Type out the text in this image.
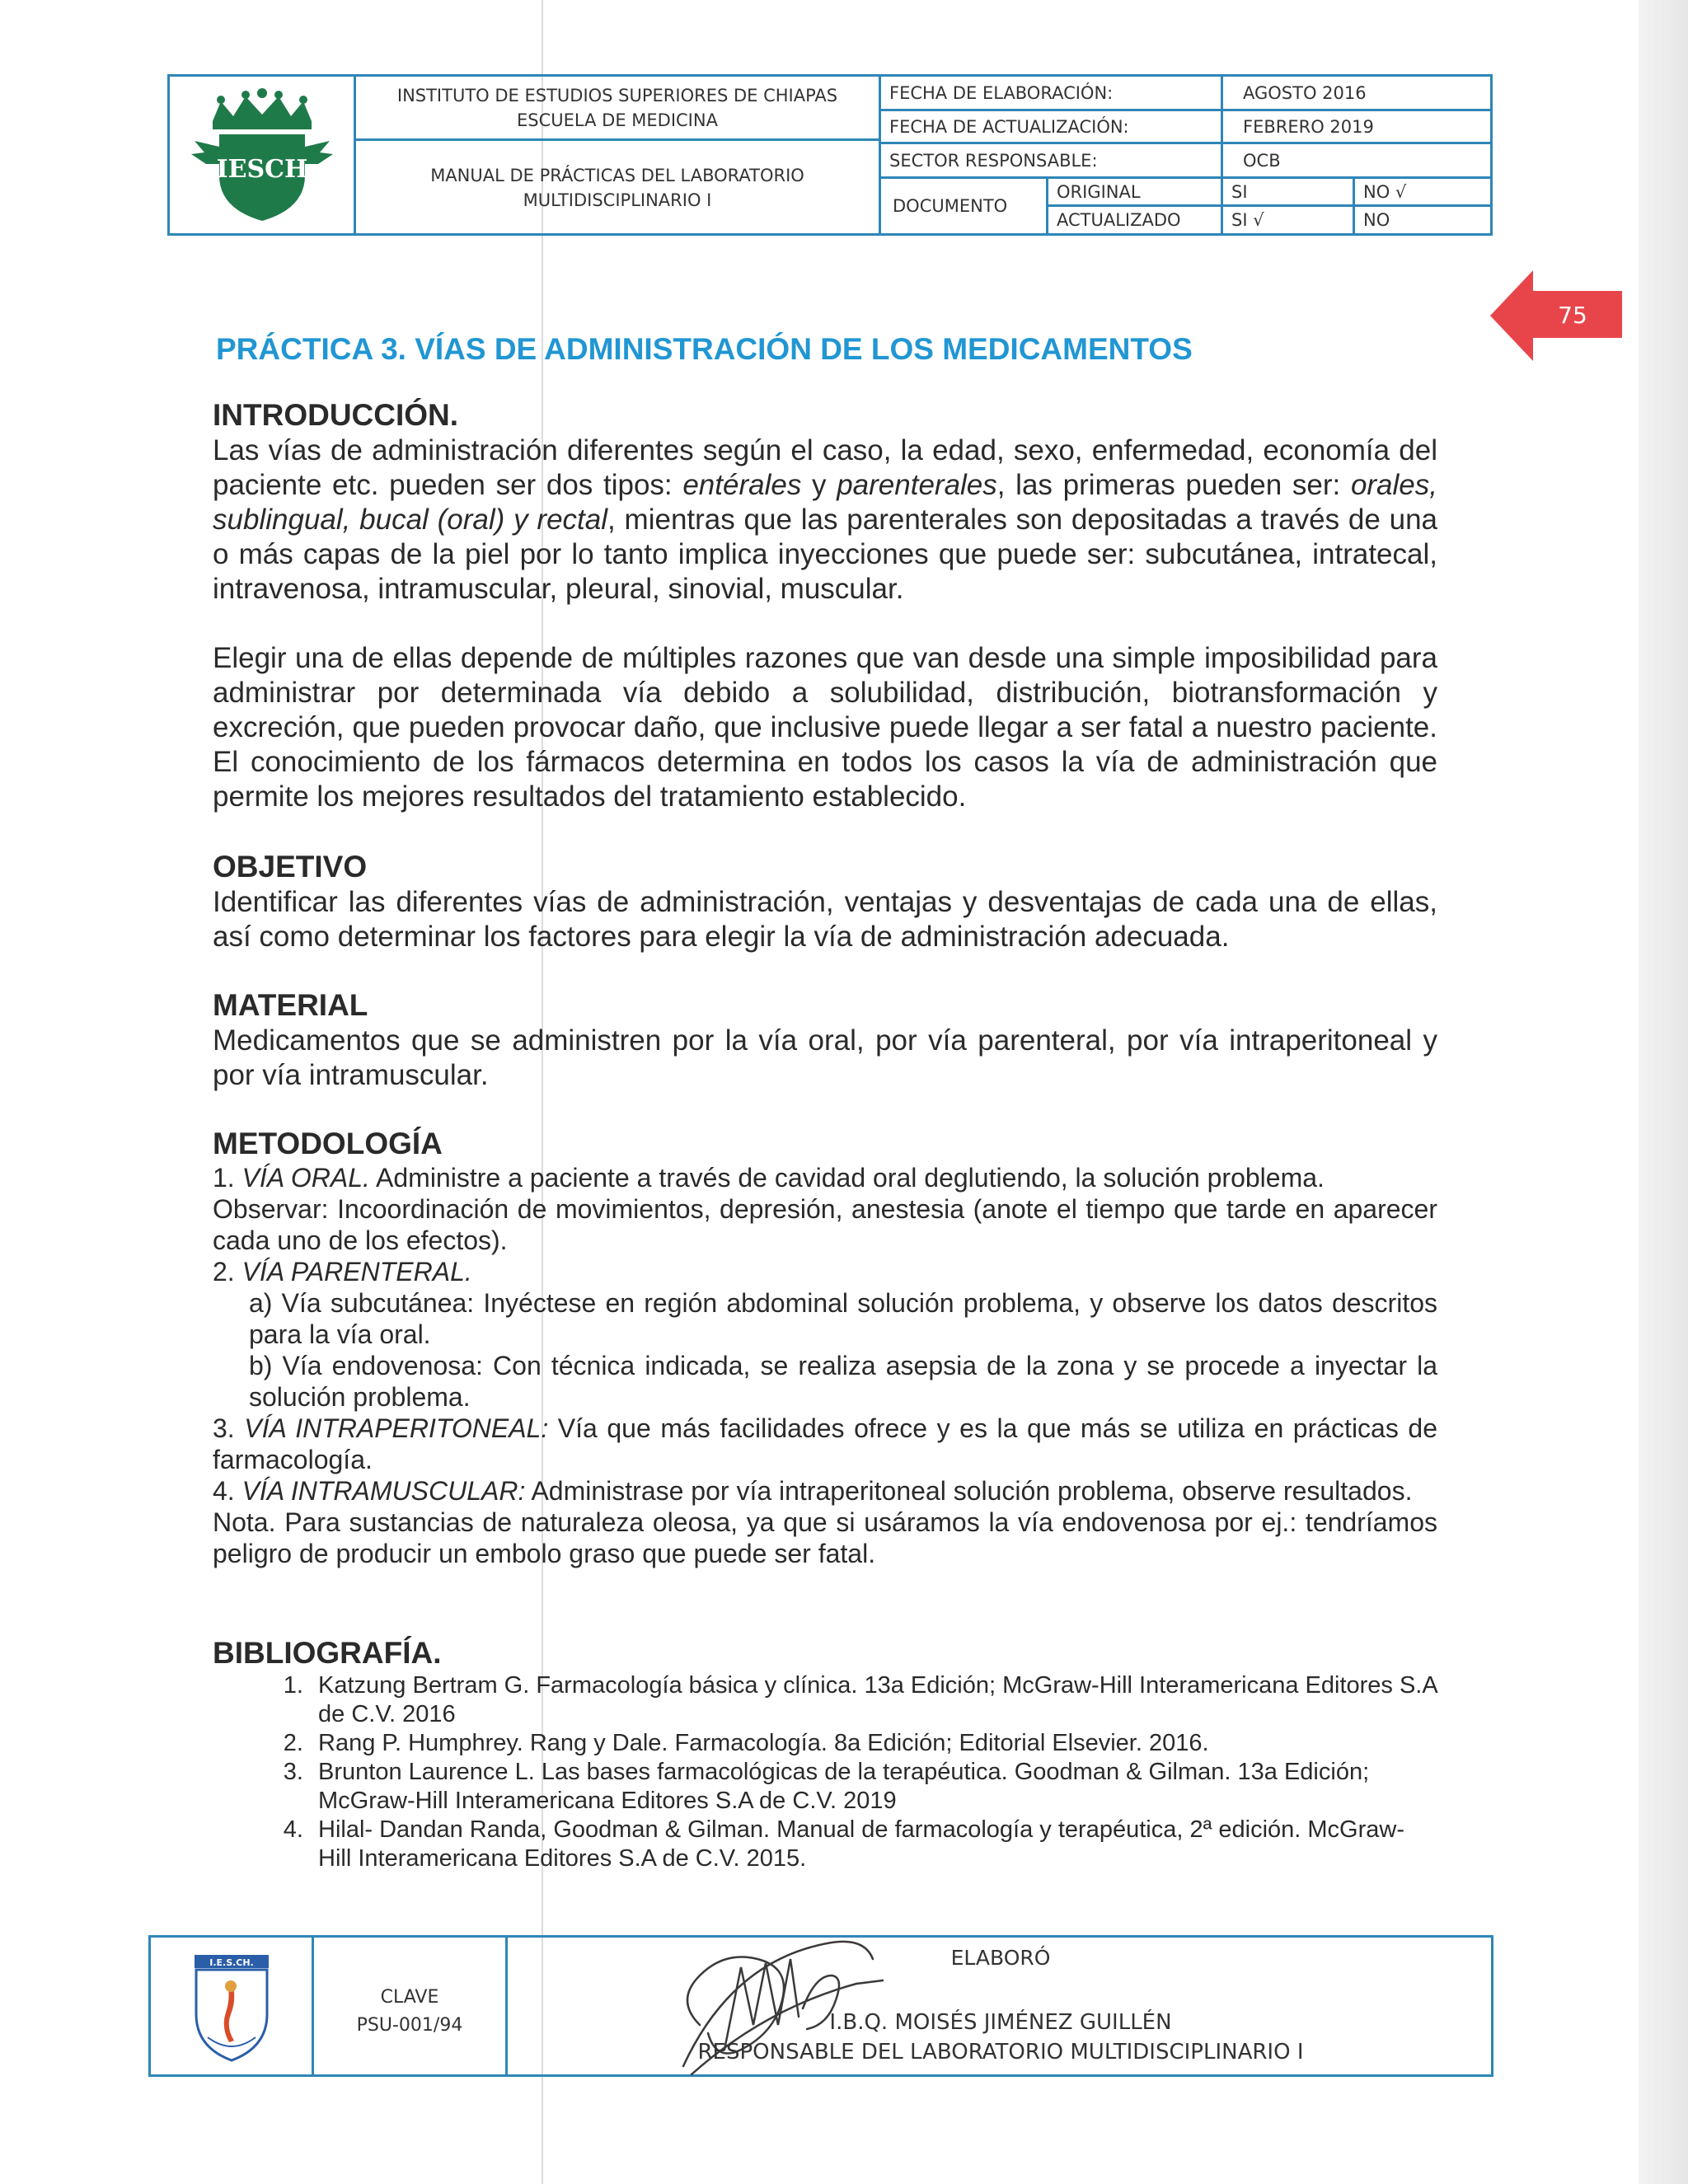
IESCH
INSTITUTO DE ESTUDIOS SUPERIORES DE CHIAPAS
ESCUELA DE MEDICINA
MANUAL DE PRÁCTICAS DEL LABORATORIO
MULTIDISCIPLINARIO I
FECHA DE ELABORACIÓN:	AGOSTO 2016
FECHA DE ACTUALIZACIÓN:	FEBRERO 2019
SECTOR RESPONSABLE:	OCB
DOCUMENTO
ORIGINAL	SI	NO √
ACTUALIZADO	SI √	NO
75
PRÁCTICA 3. VÍAS DE ADMINISTRACIÓN DE LOS MEDICAMENTOS
INTRODUCCIÓN.

Las vías de administración diferentes según el caso, la edad, sexo, enfermedad, economía del paciente etc. pueden ser dos tipos: entérales y parenterales, las primeras pueden ser: orales, sublingual, bucal (oral) y rectal, mientras que las parenterales son depositadas a través de una o más capas de la piel por lo tanto implica inyecciones que puede ser: subcutánea, intratecal, intravenosa, intramuscular, pleural, sinovial, muscular.

Elegir una de ellas depende de múltiples razones que van desde una simple imposibilidad para administrar por determinada vía debido a solubilidad, distribución, biotransformación y excreción, que pueden provocar daño, que inclusive puede llegar a ser fatal a nuestro paciente. El conocimiento de los fármacos determina en todos los casos la vía de administración que permite los mejores resultados del tratamiento establecido.

OBJETIVO

Identificar las diferentes vías de administración, ventajas y desventajas de cada una de ellas, así como determinar los factores para elegir la vía de administración adecuada.

MATERIAL

Medicamentos que se administren por la vía oral, por vía parenteral, por vía intraperitoneal y por vía intramuscular.

METODOLOGÍA

1. VÍA ORAL. Administre a paciente a través de cavidad oral deglutiendo, la solución problema.

Observar: Incoordinación de movimientos, depresión, anestesia (anote el tiempo que tarde en aparecer cada uno de los efectos).

2. VÍA PARENTERAL.

a) Vía subcutánea: Inyéctese en región abdominal solución problema, y observe los datos descritos para la vía oral.

b) Vía endovenosa: Con técnica indicada, se realiza asepsia de la zona y se procede a inyectar la solución problema.

3. VÍA INTRAPERITONEAL: Vía que más facilidades ofrece y es la que más se utiliza en prácticas de farmacología.

4. VÍA INTRAMUSCULAR: Administrase por vía intraperitoneal solución problema, observe resultados.

Nota. Para sustancias de naturaleza oleosa, ya que si usáramos la vía endovenosa por ej.: tendríamos peligro de producir un embolo graso que puede ser fatal.

BIBLIOGRAFÍA.
1. Katzung Bertram G. Farmacología básica y clínica. 13a Edición; McGraw-Hill Interamericana Editores S.A de C.V. 2016
2. Rang P. Humphrey. Rang y Dale. Farmacología. 8a Edición; Editorial Elsevier. 2016.
3. Brunton Laurence L. Las bases farmacológicas de la terapéutica. Goodman & Gilman. 13a Edición; McGraw-Hill Interamericana Editores S.A de C.V. 2019
4. Hilal- Dandan Randa, Goodman & Gilman. Manual de farmacología y terapéutica, 2ª edición. McGraw-Hill Interamericana Editores S.A de C.V. 2015.
I.E.S.CH.
CLAVE
PSU-001/94
ELABORÓ
I.B.Q. MOISÉS JIMÉNEZ GUILLÉN
RESPONSABLE DEL LABORATORIO MULTIDISCIPLINARIO I
